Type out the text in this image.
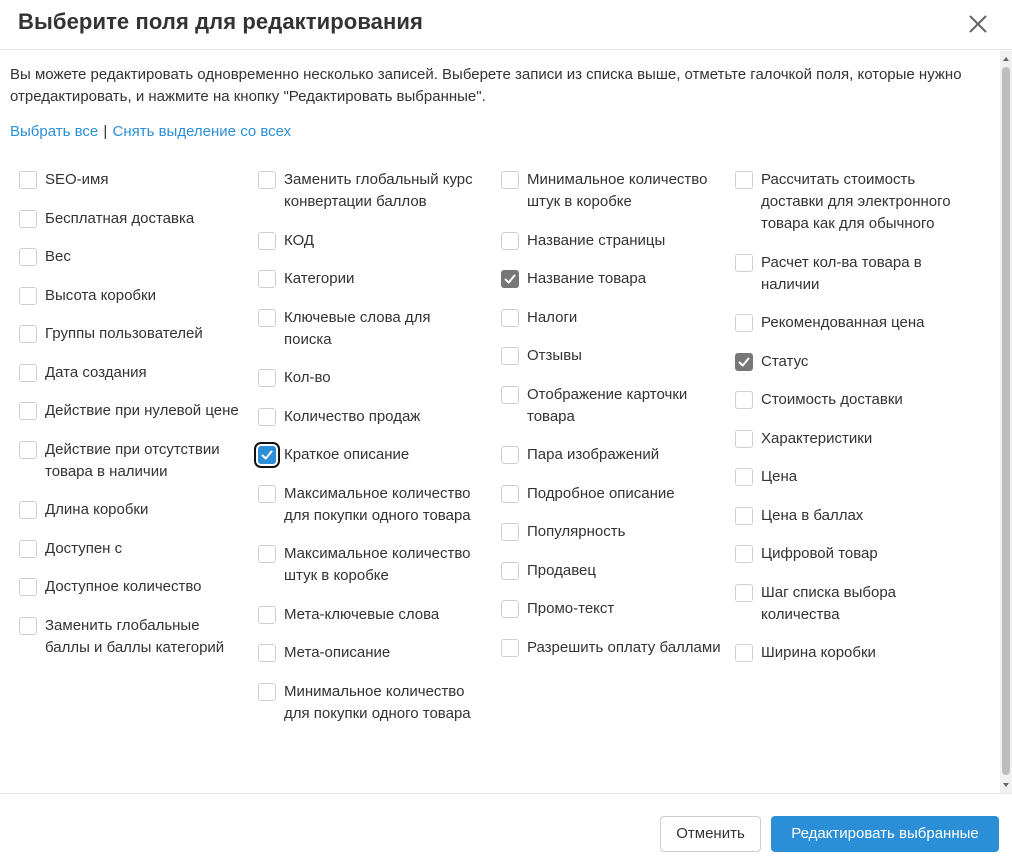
Выберите поля для редактирования
Вы можете редактировать одновременно несколько записей. Выберете записи из списка выше, отметьте галочкой поля, которые нужно отредактировать, и нажмите на кнопку "Редактировать выбранные".
Выбрать все | Снять выделение со всех
SEO-имя
Бесплатная доставка
Вес
Высота коробки
Группы пользователей
Дата создания
Действие при нулевой цене
Действие при отсутствии товара в наличии
Длина коробки
Доступен с
Доступное количество
Заменить глобальные баллы и баллы категорий
Заменить глобальный курс конвертации баллов
КОД
Категории
Ключевые слова для поиска
Кол-во
Количество продаж
Краткое описание
Максимальное количество для покупки одного товара
Максимальное количество штук в коробке
Мета-ключевые слова
Мета-описание
Минимальное количество для покупки одного товара
Минимальное количество штук в коробке
Название страницы
Название товара
Налоги
Отзывы
Отображение карточки товара
Пара изображений
Подробное описание
Популярность
Продавец
Промо-текст
Разрешить оплату баллами
Рассчитать стоимость доставки для электронного товара как для обычного
Расчет кол-ва товара в наличии
Рекомендованная цена
Статус
Стоимость доставки
Характеристики
Цена
Цена в баллах
Цифровой товар
Шаг списка выбора количества
Ширина коробки
Отменить	Редактировать выбранные
